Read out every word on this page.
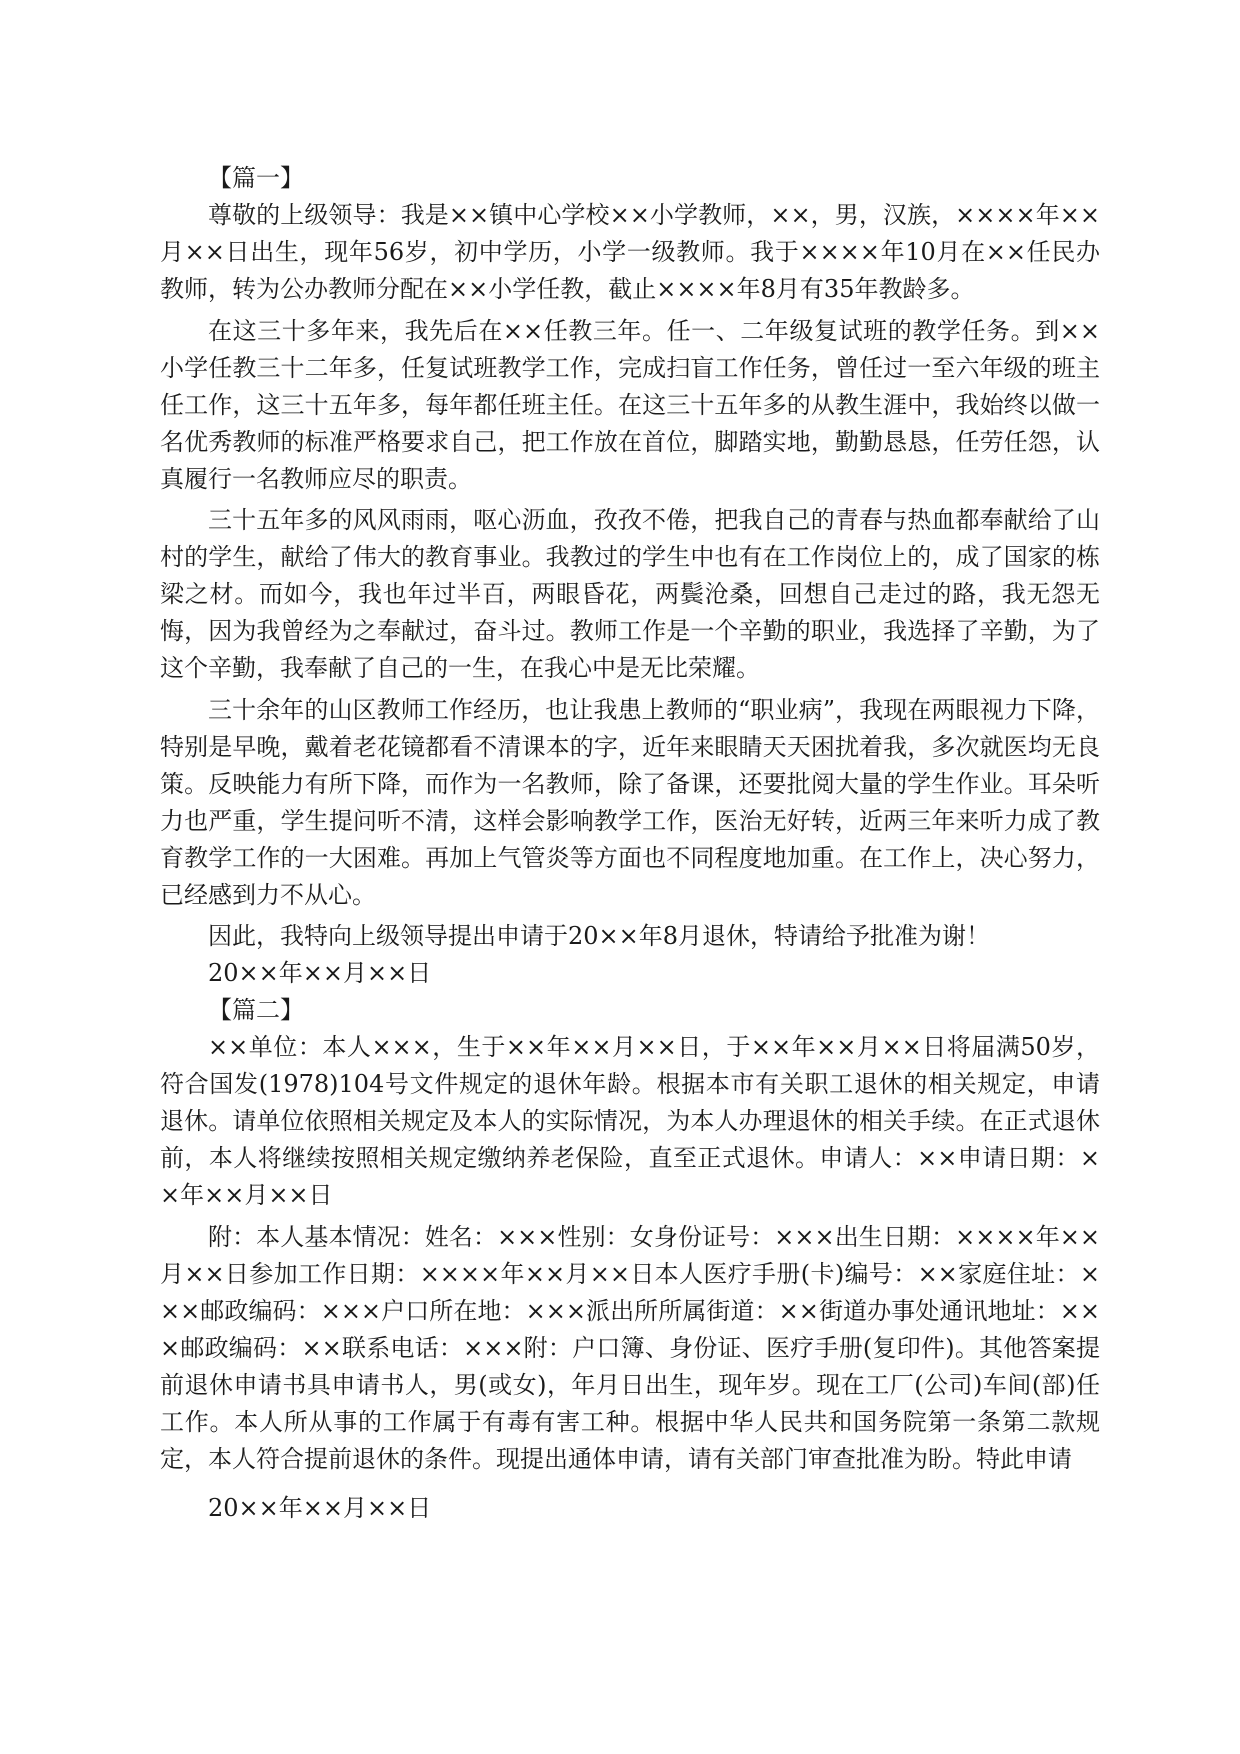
【篇一】

尊敬的上级领导：我是××镇中心学校××小学教师，××，男，汉族，××××年××月××日出生，现年56岁，初中学历，小学一级教师。我于××××年10月在××任民办教师，转为公办教师分配在××小学任教，截止××××年8月有35年教龄多。

在这三十多年来，我先后在××任教三年。任一、二年级复试班的教学任务。到××小学任教三十二年多，任复试班教学工作，完成扫盲工作任务，曾任过一至六年级的班主任工作，这三十五年多，每年都任班主任。在这三十五年多的从教生涯中，我始终以做一名优秀教师的标准严格要求自己，把工作放在首位，脚踏实地，勤勤恳恳，任劳任怨，认真履行一名教师应尽的职责。

三十五年多的风风雨雨，呕心沥血，孜孜不倦，把我自己的青春与热血都奉献给了山村的学生，献给了伟大的教育事业。我教过的学生中也有在工作岗位上的，成了国家的栋梁之材。而如今，我也年过半百，两眼昏花，两鬓沧桑，回想自己走过的路，我无怨无悔，因为我曾经为之奉献过，奋斗过。教师工作是一个辛勤的职业，我选择了辛勤，为了这个辛勤，我奉献了自己的一生，在我心中是无比荣耀。

三十余年的山区教师工作经历，也让我患上教师的“职业病”，我现在两眼视力下降，特别是早晚，戴着老花镜都看不清课本的字，近年来眼睛天天困扰着我，多次就医均无良策。反映能力有所下降，而作为一名教师，除了备课，还要批阅大量的学生作业。耳朵听力也严重，学生提问听不清，这样会影响教学工作，医治无好转，近两三年来听力成了教育教学工作的一大困难。再加上气管炎等方面也不同程度地加重。在工作上，决心努力，已经感到力不从心。

因此，我特向上级领导提出申请于20××年8月退休，特请给予批准为谢！

20××年××月××日

【篇二】

××单位：本人×××，生于××年××月××日，于××年××月××日将届满50岁，符合国发(1978)104号文件规定的退休年龄。根据本市有关职工退休的相关规定，申请退休。请单位依照相关规定及本人的实际情况，为本人办理退休的相关手续。在正式退休前，本人将继续按照相关规定缴纳养老保险，直至正式退休。申请人：××申请日期：××年××月××日

附：本人基本情况：姓名：×××性别：女身份证号：×××出生日期：××××年××月××日参加工作日期：××××年××月××日本人医疗手册(卡)编号：××家庭住址：×××邮政编码：×××户口所在地：×××派出所所属街道：××街道办事处通讯地址：×××邮政编码：××联系电话：×××附：户口簿、身份证、医疗手册(复印件)。其他答案提前退休申请书具申请书人，男(或女)，年月日出生，现年岁。现在工厂(公司)车间(部)任工作。本人所从事的工作属于有毒有害工种。根据中华人民共和国务院第一条第二款规定，本人符合提前退休的条件。现提出通体申请，请有关部门审查批准为盼。特此申请

20××年××月××日
